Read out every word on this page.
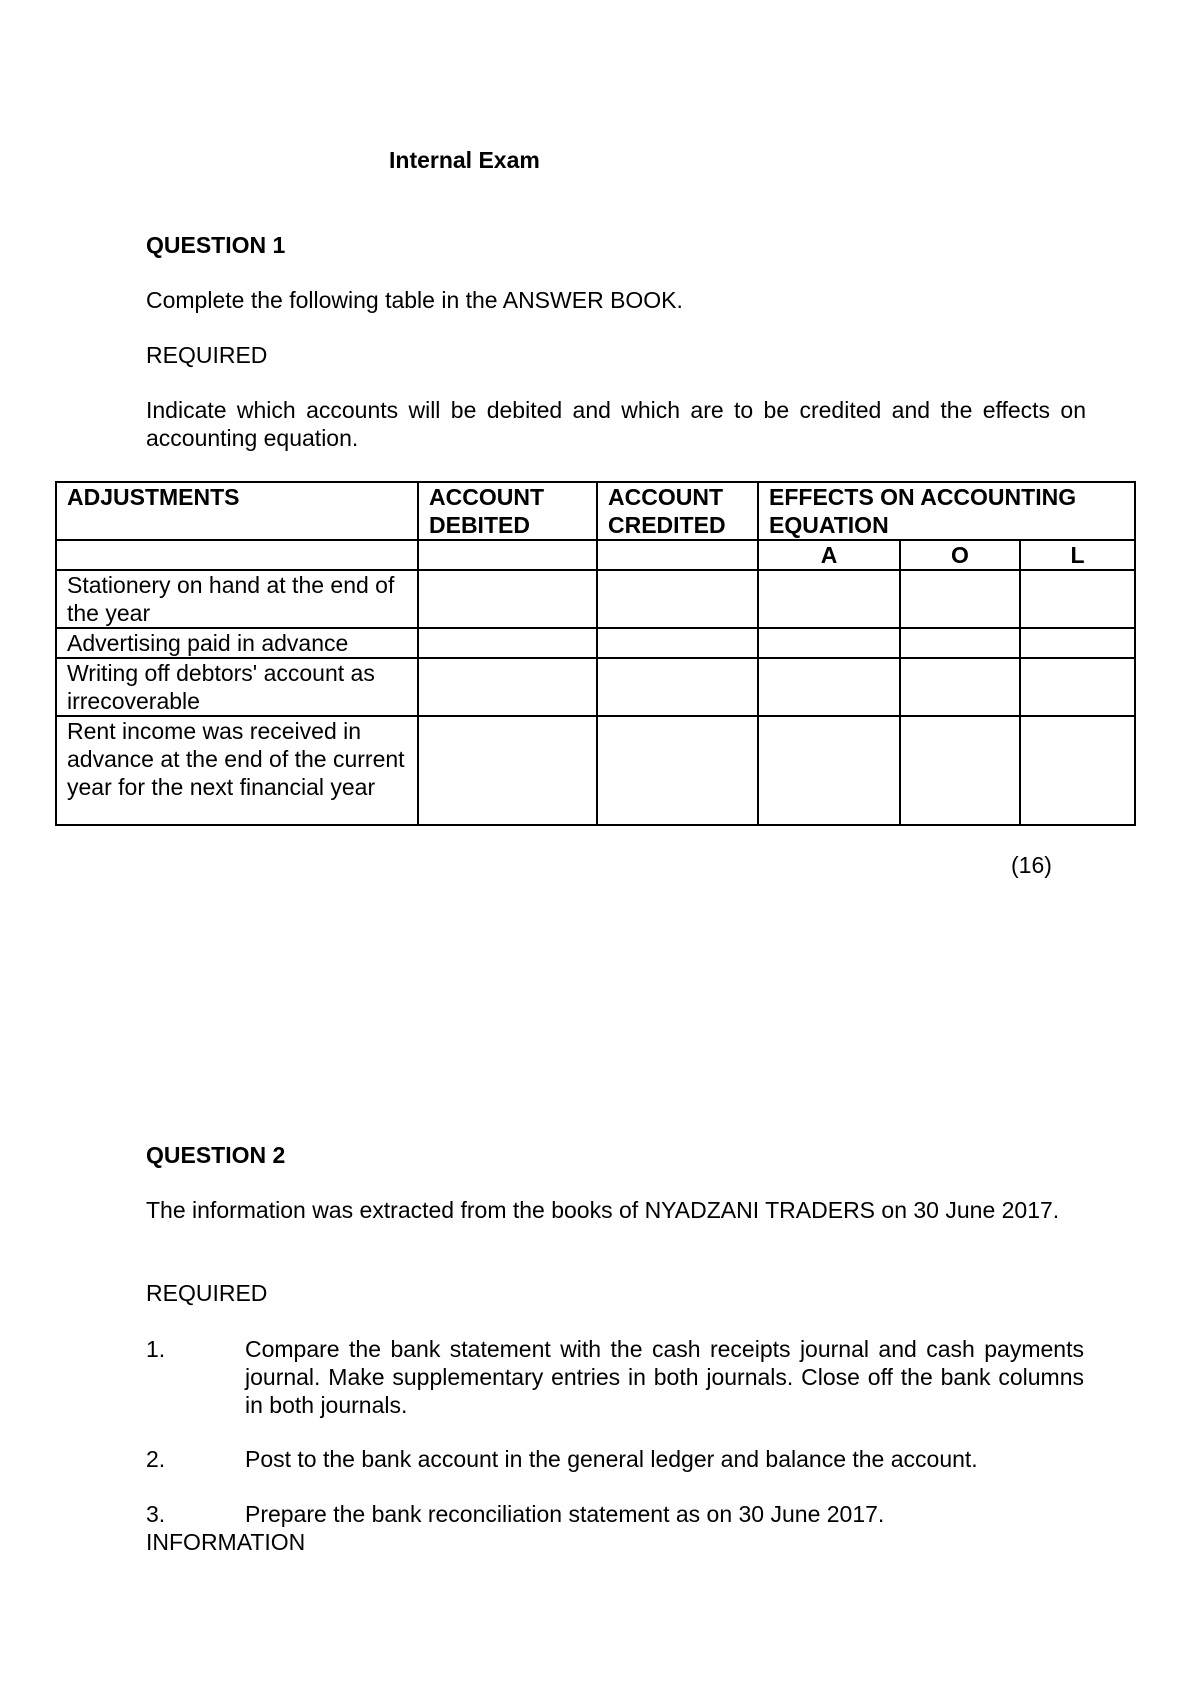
Internal Exam
QUESTION 1
Complete the following table in the ANSWER BOOK.
REQUIRED
Indicate which accounts will be debited and which are to be credited and the effects on accounting equation.
ADJUSTMENTS	ACCOUNT DEBITED	ACCOUNT CREDITED	EFFECTS ON ACCOUNTING EQUATION		
			A	O	L
Stationery on hand at the end of the year					
Advertising paid in advance					
Writing off debtors' account as irrecoverable					
Rent income was received in advance at the end of the current year for the next financial year					
(16)
QUESTION 2
The information was extracted from the books of NYADZANI TRADERS on 30 June 2017.
REQUIRED
1.	Compare the bank statement with the cash receipts journal and cash payments journal. Make supplementary entries in both journals. Close off the bank columns in both journals.
2.	Post to the bank account in the general ledger and balance the account.
3.	Prepare the bank reconciliation statement as on 30 June 2017.
INFORMATION
